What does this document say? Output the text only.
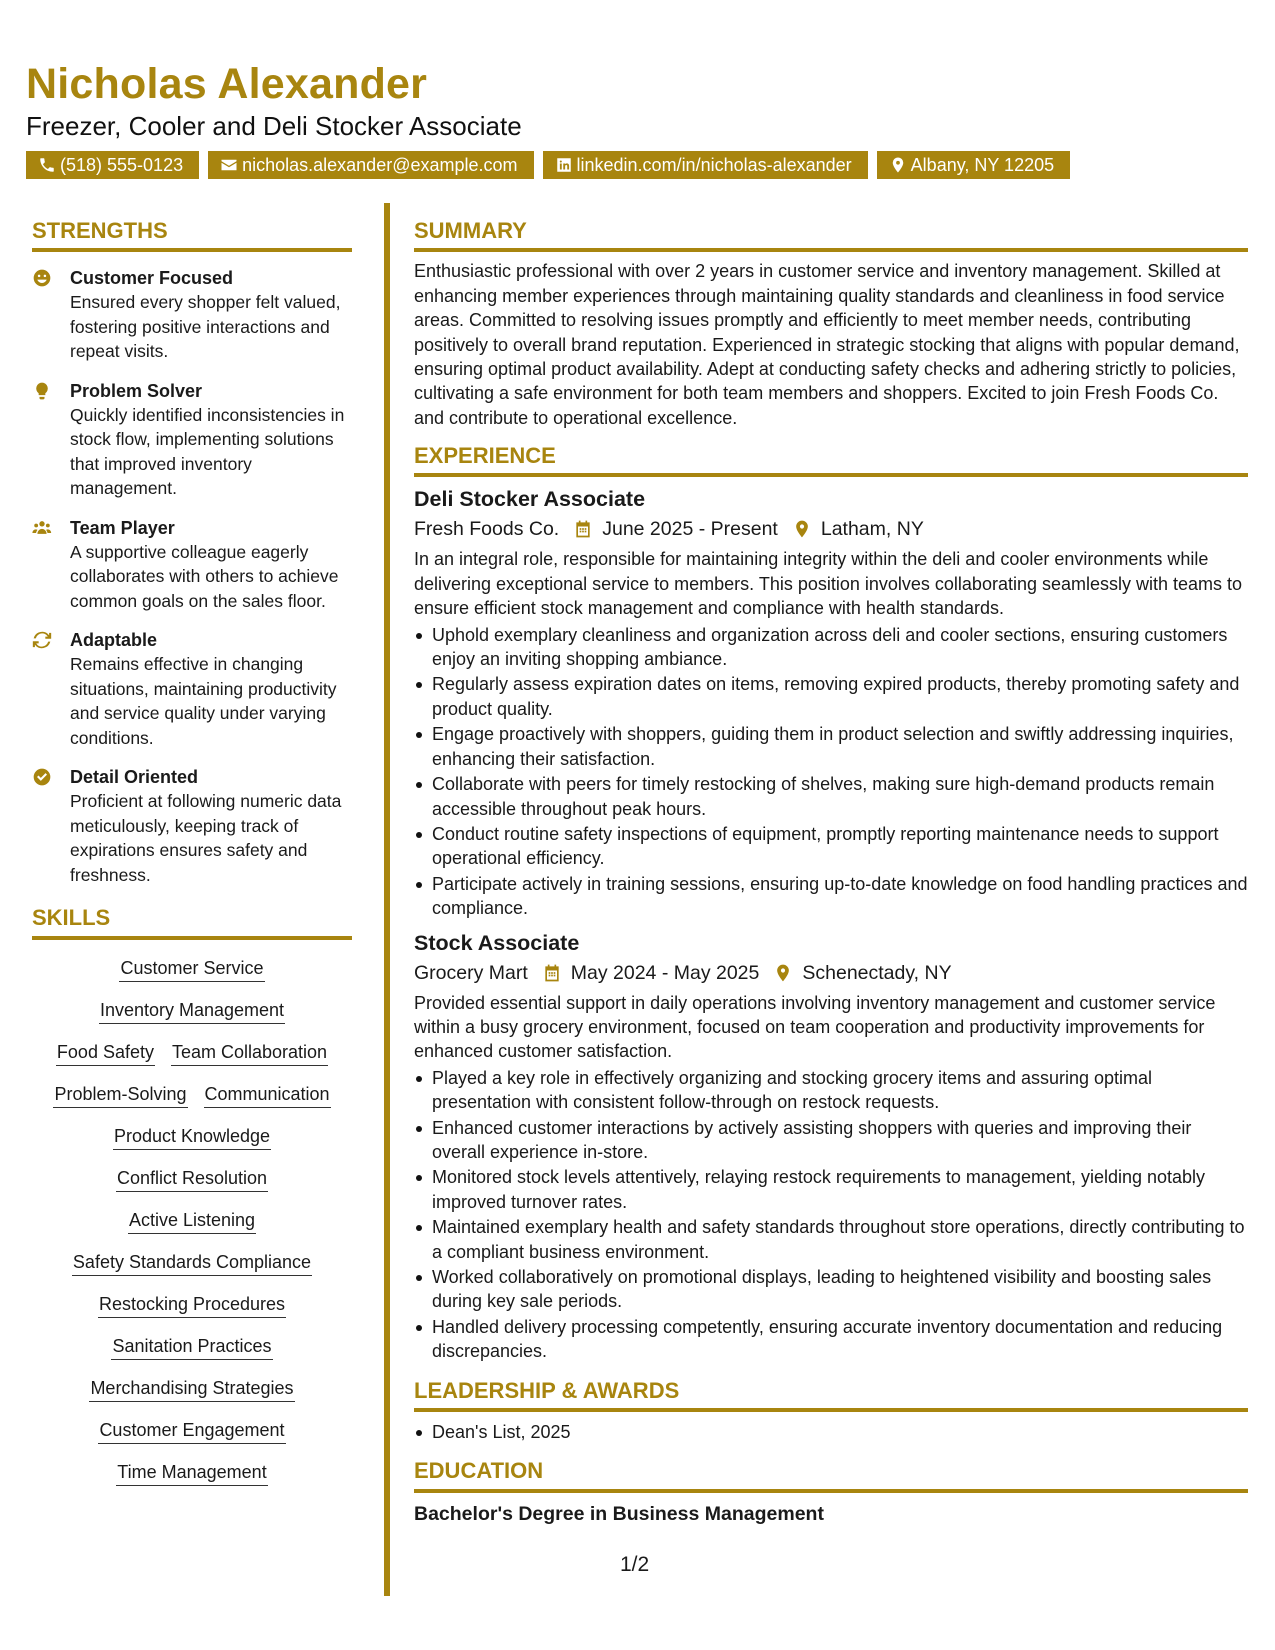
Nicholas Alexander
Freezer, Cooler and Deli Stocker Associate
(518) 555-0123	nicholas.alexander@example.com	linkedin.com/in/nicholas-alexander	Albany, NY 12205
STRENGTHS
Customer Focused
Ensured every shopper felt valued, fostering positive interactions and repeat visits.
Problem Solver
Quickly identified inconsistencies in stock flow, implementing solutions that improved inventory management.
Team Player
A supportive colleague eagerly collaborates with others to achieve common goals on the sales floor.
Adaptable
Remains effective in changing situations, maintaining productivity and service quality under varying conditions.
Detail Oriented
Proficient at following numeric data meticulously, keeping track of expirations ensures safety and freshness.
SKILLS
Customer Service
Inventory Management
Food Safety Team Collaboration
Problem-Solving Communication
Product Knowledge
Conflict Resolution
Active Listening
Safety Standards Compliance
Restocking Procedures
Sanitation Practices
Merchandising Strategies
Customer Engagement
Time Management
SUMMARY
Enthusiastic professional with over 2 years in customer service and inventory management. Skilled at enhancing member experiences through maintaining quality standards and cleanliness in food service areas. Committed to resolving issues promptly and efficiently to meet member needs, contributing positively to overall brand reputation. Experienced in strategic stocking that aligns with popular demand, ensuring optimal product availability. Adept at conducting safety checks and adhering strictly to policies, cultivating a safe environment for both team members and shoppers. Excited to join Fresh Foods Co. and contribute to operational excellence.
EXPERIENCE
Deli Stocker Associate
Fresh Foods Co. June 2025 - Present Latham, NY
In an integral role, responsible for maintaining integrity within the deli and cooler environments while delivering exceptional service to members. This position involves collaborating seamlessly with teams to ensure efficient stock management and compliance with health standards.
Uphold exemplary cleanliness and organization across deli and cooler sections, ensuring customers enjoy an inviting shopping ambiance.
Regularly assess expiration dates on items, removing expired products, thereby promoting safety and product quality.
Engage proactively with shoppers, guiding them in product selection and swiftly addressing inquiries, enhancing their satisfaction.
Collaborate with peers for timely restocking of shelves, making sure high-demand products remain accessible throughout peak hours.
Conduct routine safety inspections of equipment, promptly reporting maintenance needs to support operational efficiency.
Participate actively in training sessions, ensuring up-to-date knowledge on food handling practices and compliance.
Stock Associate
Grocery Mart May 2024 - May 2025 Schenectady, NY
Provided essential support in daily operations involving inventory management and customer service within a busy grocery environment, focused on team cooperation and productivity improvements for enhanced customer satisfaction.
Played a key role in effectively organizing and stocking grocery items and assuring optimal presentation with consistent follow-through on restock requests.
Enhanced customer interactions by actively assisting shoppers with queries and improving their overall experience in-store.
Monitored stock levels attentively, relaying restock requirements to management, yielding notably improved turnover rates.
Maintained exemplary health and safety standards throughout store operations, directly contributing to a compliant business environment.
Worked collaboratively on promotional displays, leading to heightened visibility and boosting sales during key sale periods.
Handled delivery processing competently, ensuring accurate inventory documentation and reducing discrepancies.
LEADERSHIP & AWARDS
Dean's List, 2025
EDUCATION
Bachelor's Degree in Business Management
1/2
